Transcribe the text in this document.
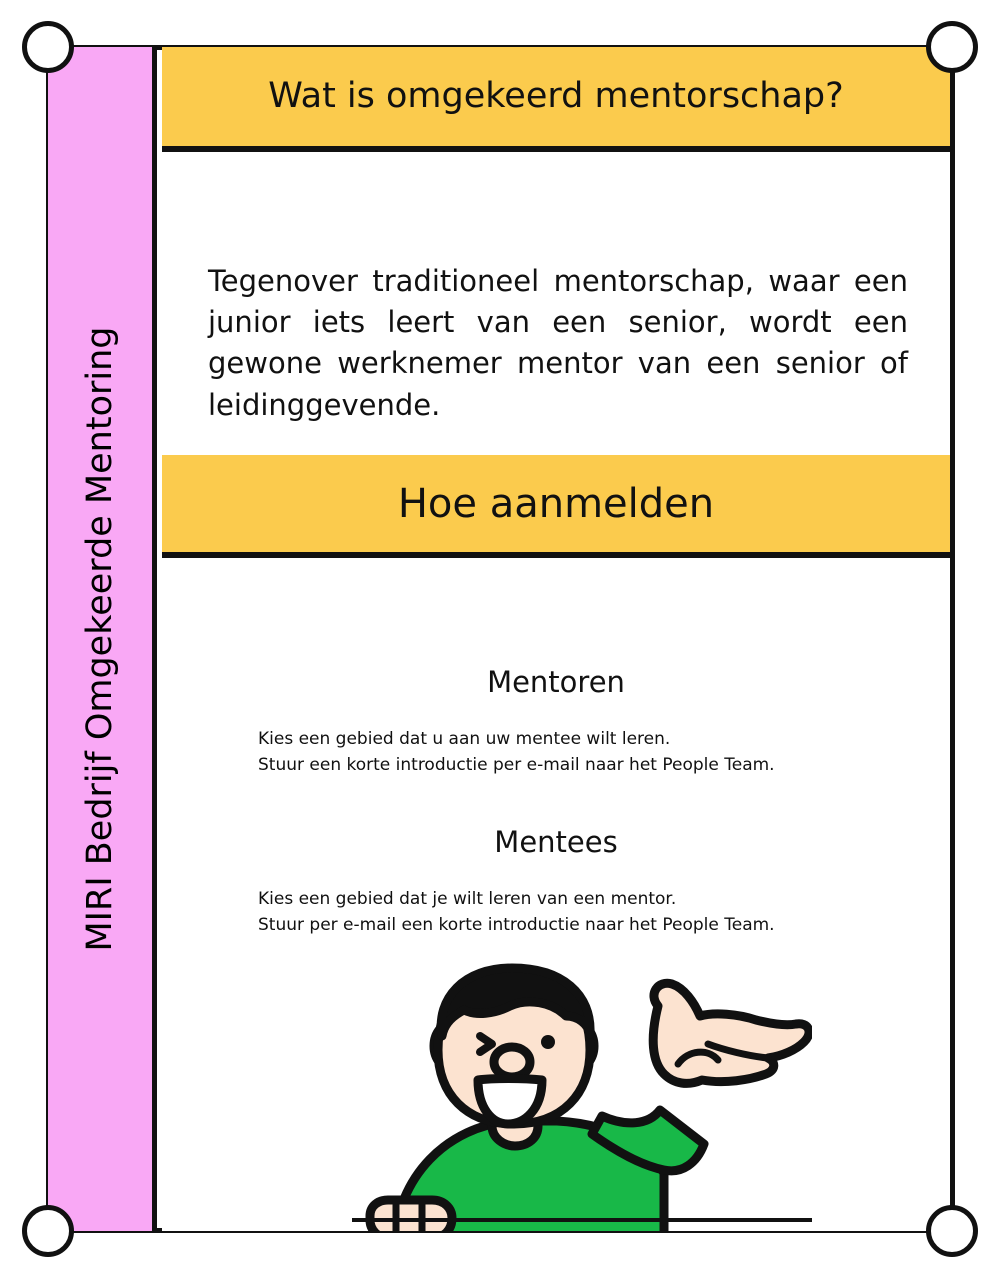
MIRI Bedrijf Omgekeerde Mentoring
Wat is omgekeerd mentorschap?

Tegenover traditioneel mentorschap, waar een junior iets leert van een senior, wordt een gewone werknemer mentor van een senior of leidinggevende.

Hoe aanmelden
Mentoren
Kies een gebied dat u aan uw mentee wilt leren.
Stuur een korte introductie per e-mail naar het People Team.
Mentees
Kies een gebied dat je wilt leren van een mentor.
Stuur per e-mail een korte introductie naar het People Team.
